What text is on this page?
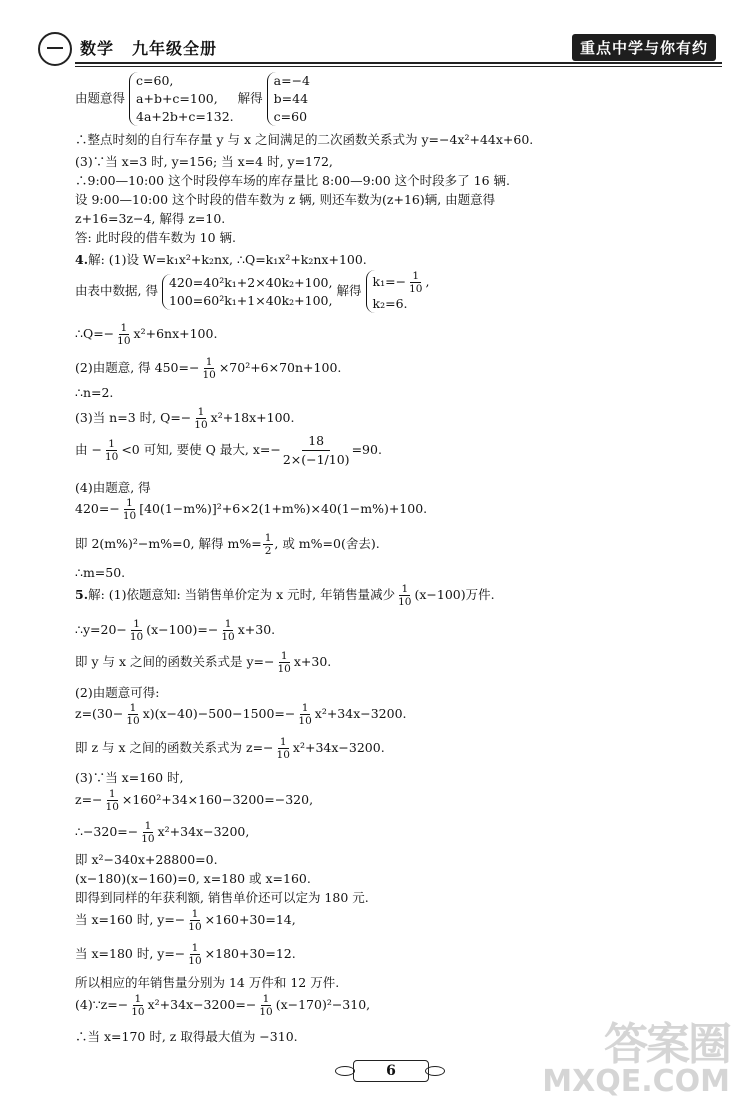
数学 九年级全册	重点中学与你有约
由题意得
c=60,
a+b+c=100,
4a+2b+c=132.
解得
a=−4
b=44
c=60
∴整点时刻的自行车存量 y 与 x 之间满足的二次函数关系式为 y=−4x²+44x+60.
(3)∵当 x=3 时, y=156; 当 x=4 时, y=172,
∴9:00—10:00 这个时段停车场的库存量比 8:00—9:00 这个时段多了 16 辆.
设 9:00—10:00 这个时段的借车数为 z 辆, 则还车数为(z+16)辆, 由题意得
z+16=3z−4, 解得 z=10.
答: 此时段的借车数为 10 辆.
4.解: (1)设 W=k₁x²+k₂nx, ∴Q=k₁x²+k₂nx+100.
由表中数据, 得
420=40²k₁+2×40k₂+100,
100=60²k₁+1×40k₂+100,
解得
$k_1=- \frac{1}{10}$ ,
k₂=6.
∴Q=− $\frac{1}{10} x^2+6nx+100$.
(2)由题意, 得 $450=- \frac{1}{10} \times 70^2+6\times 70n+100$.
∴n=2.
(3)当 n=3 时, $Q=- \frac{1}{10} x^2+18x+100$.
由 − $\frac{1}{10} <0$ 可知, 要使 Q 最大, $x=- \frac{18}{2\times(-1/10)} =90$.
(4)由题意, 得
$420=- \frac{1}{10} [40(1-m\%)]^2+6\times 2(1+m\%)\times 40(1-m\%)+100$.
即 2(m%)²−m%=0, 解得 $m\%= \frac{1}{2}$ , 或 m%=0(舍去).
∴m=50.
5.解: (1)依题意知: 当销售单价定为 x 元时, 年销售量减少 $\frac{1}{10} (x-100)$万件.
∴y=20− $\frac{1}{10} (x-100)=- \frac{1}{10} x+30$.
即 y 与 x 之间的函数关系式是 $y=- \frac{1}{10} x+30$.
(2)由题意可得:
$z=(30- \frac{1}{10} x)(x-40)-500-1500=- \frac{1}{10} x^2+34x-3200$.
即 z 与 x 之间的函数关系式为 $z=- \frac{1}{10} x^2+34x-3200$.
(3)∵当 x=160 时,
$z=- \frac{1}{10} \times 160^2+34\times 160-3200=-320$,
∴−320=− $\frac{1}{10} x^2+34x-3200$,
即 x²−340x+28800=0.
(x−180)(x−160)=0, x=180 或 x=160.
即得到同样的年获利额, 销售单价还可以定为 180 元.
当 x=160 时, $y=- \frac{1}{10} \times 160+30=14$,
当 x=180 时, $y=- \frac{1}{10} \times 180+30=12$.
所以相应的年销售量分别为 14 万件和 12 万件.
(4)∵z=− $\frac{1}{10} x^2+34x-3200=- \frac{1}{10} (x-170)^2-310$,
∴当 x=170 时, z 取得最大值为 −310.
6
答案圈
MXQE.COM
